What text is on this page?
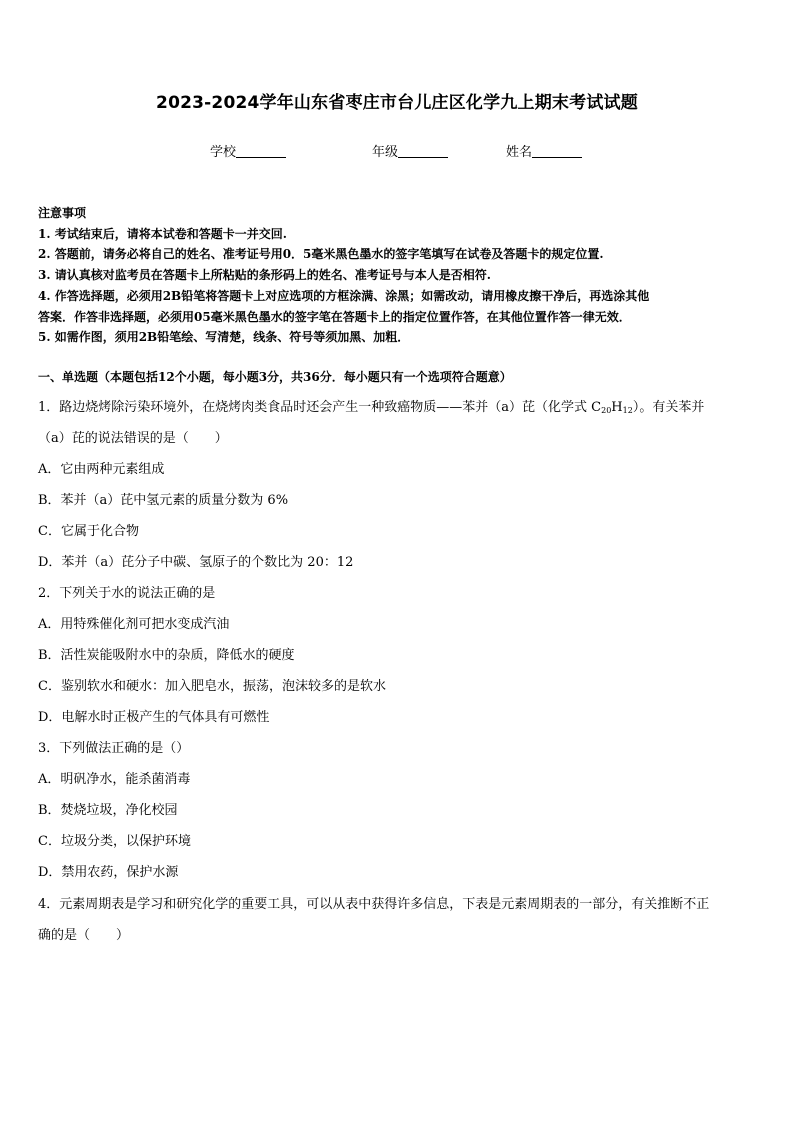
2023-2024学年山东省枣庄市台儿庄区化学九上期末考试试题
学校	年级	姓名
注意事项
1. 考试结束后，请将本试卷和答题卡一并交回.
2. 答题前，请务必将自己的姓名、准考证号用0．5毫米黑色墨水的签字笔填写在试卷及答题卡的规定位置.
3. 请认真核对监考员在答题卡上所粘贴的条形码上的姓名、准考证号与本人是否相符.
4. 作答选择题，必须用2B铅笔将答题卡上对应选项的方框涂满、涂黑；如需改动，请用橡皮擦干净后，再选涂其他
答案．作答非选择题，必须用05毫米黑色墨水的签字笔在答题卡上的指定位置作答，在其他位置作答一律无效．
5. 如需作图，须用2B铅笔绘、写清楚，线条、符号等须加黑、加粗．
一、单选题（本题包括12个小题，每小题3分，共36分．每小题只有一个选项符合题意）
1．路边烧烤除污染环境外，在烧烤肉类食品时还会产生一种致癌物质——苯并（a）芘（化学式 $C_{20}H_{12}$）。有关苯并
（a）芘的说法错误的是（　　）
A．它由两种元素组成
B．苯并（a）芘中氢元素的质量分数为 6%
C．它属于化合物
D．苯并（a）芘分子中碳、氢原子的个数比为 20：12
2．下列关于水的说法正确的是
A．用特殊催化剂可把水变成汽油
B．活性炭能吸附水中的杂质，降低水的硬度
C．鉴别软水和硬水：加入肥皂水，振荡，泡沫较多的是软水
D．电解水时正极产生的气体具有可燃性
3．下列做法正确的是（）
A．明矾净水，能杀菌消毒
B．焚烧垃圾，净化校园
C．垃圾分类，以保护环境
D．禁用农药，保护水源
4．元素周期表是学习和研究化学的重要工具，可以从表中获得许多信息，下表是元素周期表的一部分，有关推断不正
确的是（　　）
